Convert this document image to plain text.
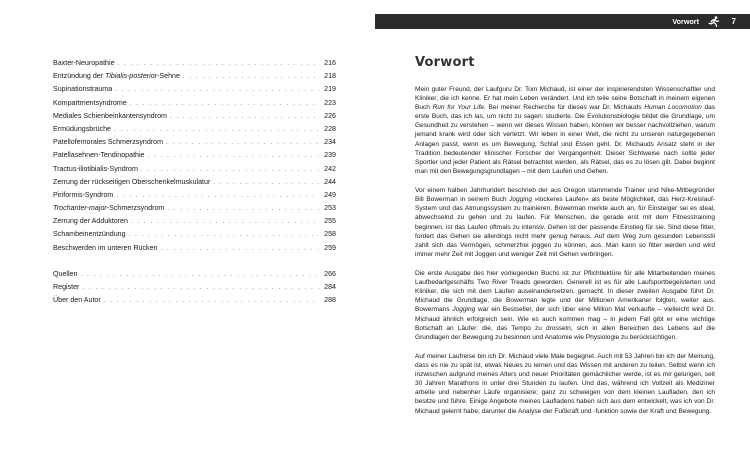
Baxter-Neuropathie . . .	216
Entzündung der Tibialis-posterior-Sehne . . .	218
Supinationstrauma . . .	219
Kompartmentsyndrome . . .	223
Mediales Schienbeinkantensyndrom . . .	226
Ermüdungsbrüche . . .	228
Patellofemorales Schmerzsyndrom . . .	234
Patellasehnen-Tendinopathie . . .	239
Tractus-iliotibialis-Syndrom . . .	242
Zerrung der rückseitigen Oberschenkelmuskulatur . . .	244
Piriformis-Syndrom . . .	249
Trochanter-major-Schmerzsyndrom . . .	253
Zerrung der Adduktoren . . .	255
Schambeinentzündung . . .	258
Beschwerden im unteren Rücken . . .	259
Quellen . . .	266
Register . . .	284
Über den Autor . . .	288
Vorwort	7
Vorwort

Mein guter Freund, der Laufguru Dr. Tom Michaud, ist einer der inspirierendsten Wissenschaftler und Kliniker, die ich kenne. Er hat mein Leben verändert. Und ich teile seine Botschaft in meinem eigenen Buch Run for Your Life. Bei meiner Recherche für dieses war Dr. Michauds Human Locomotion das erste Buch, das ich las, um nicht zu sagen: studierte. Die Evolutionsbiologie bildet die Grundlage, um Gesundheit zu verstehen – wenn wir dieses Wissen haben, können wir besser nachvollziehen, warum jemand krank wird oder sich verletzt. Wir leben in einer Welt, die nicht zu unseren naturgegebenen Anlagen passt, wenn es um Bewegung, Schlaf und Essen geht. Dr. Michauds Ansatz steht in der Tradition bedeutender klinischer Forscher der Vergangenheit: Dieser Sichtweise nach sollte jeder Sportler und jeder Patient als Rätsel betrachtet werden, als Rätsel, das es zu lösen gilt. Dabei beginnt man mit den Bewegungsgrundlagen – mit dem Laufen und Gehen.

Vor einem halben Jahrhundert beschrieb der aus Oregon stammende Trainer und Nike-Mitbegründer Bill Bowerman in seinem Buch Jogging »lockeres Laufen« als beste Möglichkeit, das Herz-Kreislauf-System und das Atmungssystem zu trainieren. Bowerman merkte auch an, für Einsteiger sei es ideal, abwechselnd zu gehen und zu laufen. Für Menschen, die gerade erst mit dem Fitnesstraining beginnen, ist das Laufen oftmals zu intensiv. Gehen ist der passende Einstieg für sie. Sind diese fitter, fordert das Gehen sie allerdings nicht mehr genug heraus. Auf dem Weg zum gesunden Lebensstil zahlt sich das Vermögen, schmerzfrei joggen zu können, aus. Man kann so fitter werden und wird immer mehr Zeit mit Joggen und weniger Zeit mit Gehen verbringen.

Die erste Ausgabe des hier vorliegenden Buchs ist zur Pflichtlektüre für alle Mitarbeitenden meines Laufbedarfgeschäfts Two River Treads geworden. Generell ist es für alle Laufsportbegeisterten und Kliniker, die sich mit dem Laufen auseinandersetzen, gemacht. In dieser zweiten Ausgabe führt Dr. Michaud die Grundlage, die Bowerman legte und der Millionen Amerikaner folgten, weiter aus. Bowermans Jogging war ein Bestseller, der sich über eine Million Mal verkaufte – vielleicht wird Dr. Michaud ähnlich erfolgreich sein. Wie es auch kommen mag – in jedem Fall gibt er eine wichtige Botschaft an Läufer: die, das Tempo zu drosseln, sich in allen Bereichen des Lebens auf die Grundlagen der Bewegung zu besinnen und Anatomie wie Physiologie zu berücksichtigen.

Auf meiner Laufreise bin ich Dr. Michaud viele Male begegnet. Auch mit 53 Jahren bin ich der Meinung, dass es nie zu spät ist, etwas Neues zu lernen und das Wissen mit anderen zu teilen. Selbst wenn ich inzwischen aufgrund meines Alters und neuer Prioritäten gemächlicher werde, ist es mir gelungen, seit 30 Jahren Marathons in unter drei Stunden zu laufen. Und das, während ich Vollzeit als Mediziner arbeite und nebenher Läufe organisiere; ganz zu schweigen von dem kleinen Laufladen, den ich besitze und führe. Einige Angebote meines Laufladens haben sich aus dem entwickelt, was ich von Dr. Michaud gelernt habe, darunter die Analyse der Fußkraft und -funktion sowie der Kraft und Bewegung.
